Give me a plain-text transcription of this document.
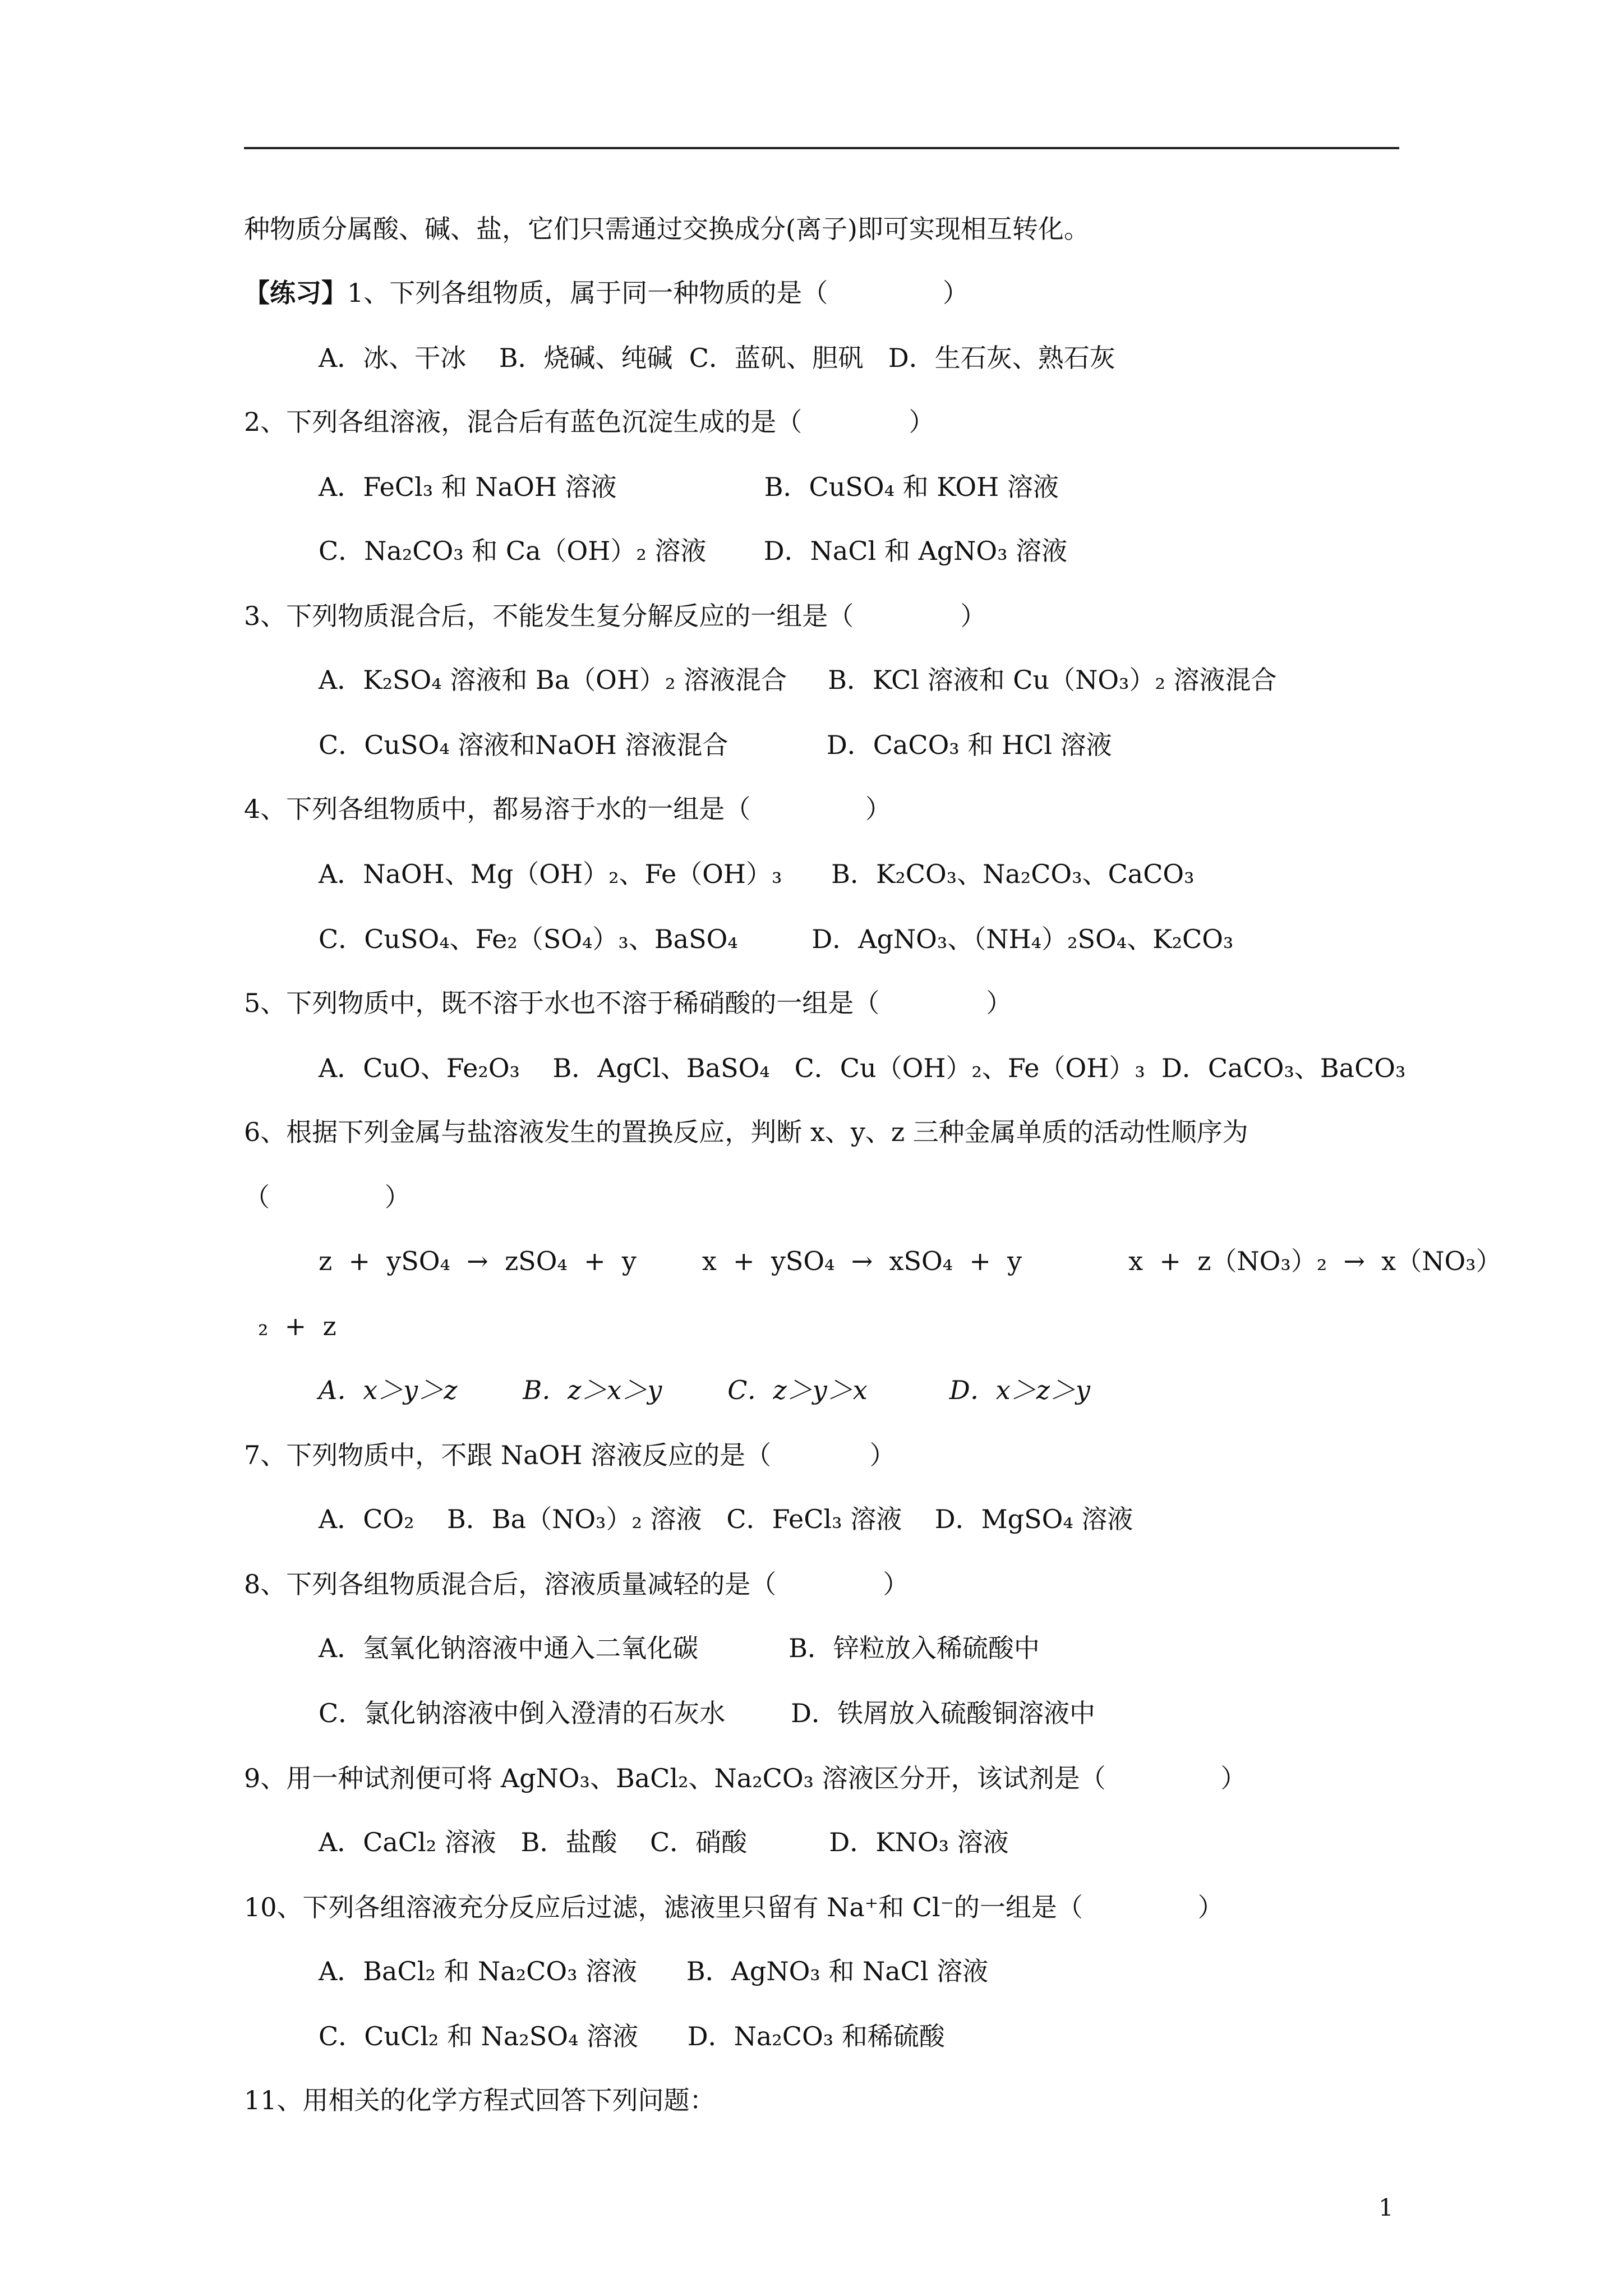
种物质分属酸、碱、盐，它们只需通过交换成分(离子)即可实现相互转化。
【练习】1、下列各组物质，属于同一种物质的是（              ）
A．冰、干冰    B．烧碱、纯碱  C．蓝矾、胆矾   D．生石灰、熟石灰
2、下列各组溶液，混合后有蓝色沉淀生成的是（             ）
A．FeCl₃ 和 NaOH 溶液                  B．CuSO₄ 和 KOH 溶液
C．Na₂CO₃ 和 Ca（OH）₂ 溶液       D．NaCl 和 AgNO₃ 溶液
3、下列物质混合后，不能发生复分解反应的一组是（             ）
A．K₂SO₄ 溶液和 Ba（OH）₂ 溶液混合     B．KCl 溶液和 Cu（NO₃）₂ 溶液混合
C．CuSO₄ 溶液和NaOH 溶液混合            D．CaCO₃ 和 HCl 溶液
4、下列各组物质中，都易溶于水的一组是（              ）
A．NaOH、Mg（OH）₂、Fe（OH）₃      B．K₂CO₃、Na₂CO₃、CaCO₃
C．CuSO₄、Fe₂（SO₄）₃、BaSO₄         D．AgNO₃、（NH₄）₂SO₄、K₂CO₃
5、下列物质中，既不溶于水也不溶于稀硝酸的一组是（             ）
A．CuO、Fe₂O₃    B．AgCl、BaSO₄   C．Cu（OH）₂、Fe（OH）₃  D．CaCO₃、BaCO₃
6、根据下列金属与盐溶液发生的置换反应，判断 x、y、z 三种金属单质的活动性顺序为
（              ）
z  +  ySO₄  →  zSO₄  +  y        x  +  ySO₄  →  xSO₄  +  y             x  +  z（NO₃）₂  →  x（NO₃）
₂  +  z
A．x＞y＞z        B．z＞x＞y        C．z＞y＞x          D．x＞z＞y
7、下列物质中，不跟 NaOH 溶液反应的是（            ）
A．CO₂    B．Ba（NO₃）₂ 溶液   C．FeCl₃ 溶液    D．MgSO₄ 溶液
8、下列各组物质混合后，溶液质量减轻的是（             ）
A．氢氧化钠溶液中通入二氧化碳           B．锌粒放入稀硫酸中
C．氯化钠溶液中倒入澄清的石灰水        D．铁屑放入硫酸铜溶液中
9、用一种试剂便可将 AgNO₃、BaCl₂、Na₂CO₃ 溶液区分开，该试剂是（              ）
A．CaCl₂ 溶液   B．盐酸    C．硝酸          D．KNO₃ 溶液
10、下列各组溶液充分反应后过滤，滤液里只留有 Na⁺和 Cl⁻的一组是（              ）
A．BaCl₂ 和 Na₂CO₃ 溶液      B．AgNO₃ 和 NaCl 溶液
C．CuCl₂ 和 Na₂SO₄ 溶液      D．Na₂CO₃ 和稀硫酸
11、用相关的化学方程式回答下列问题：
1
